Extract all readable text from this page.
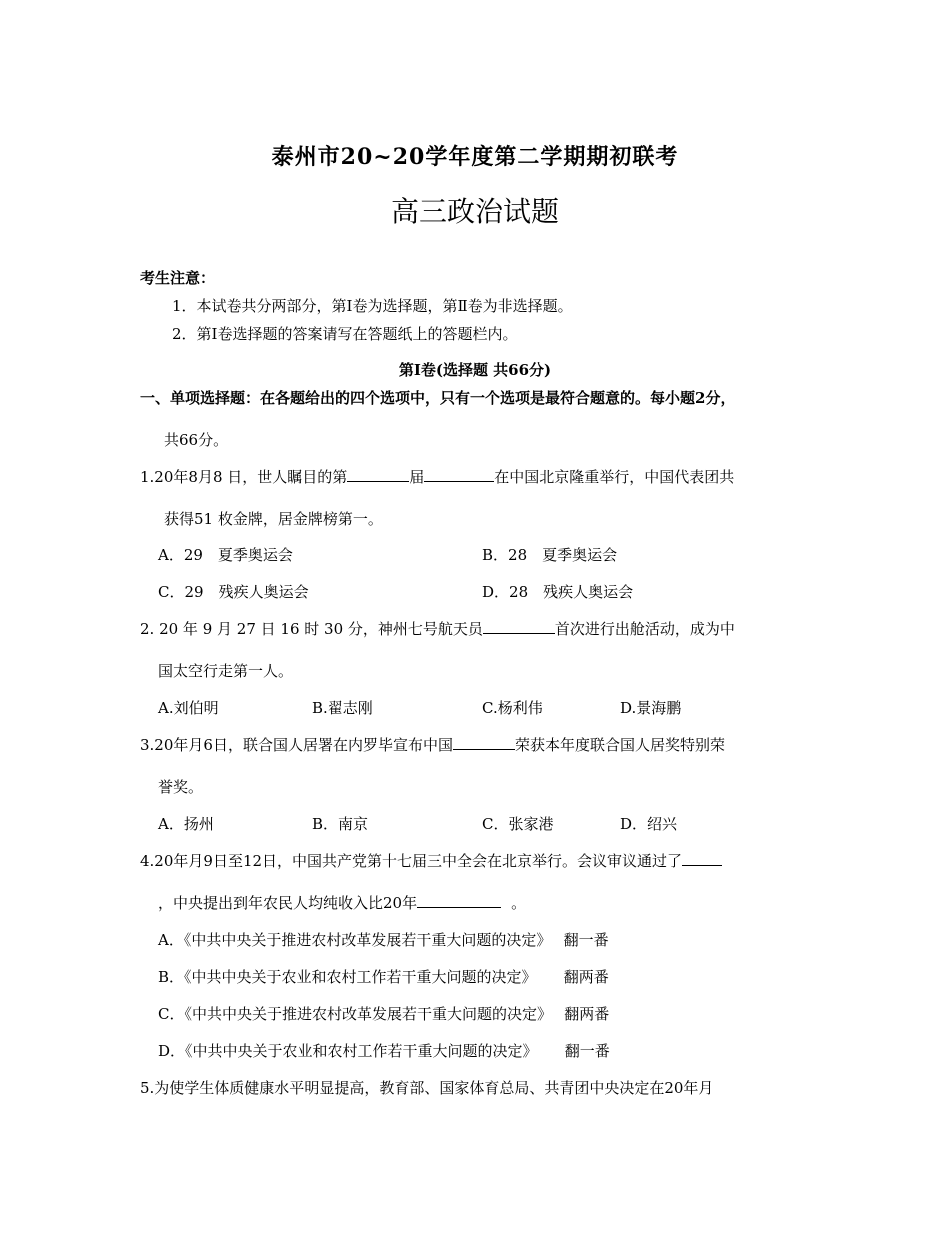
泰州市20~20学年度第二学期期初联考
高三政治试题
考生注意：
1．本试卷共分两部分，第Ⅰ卷为选择题，第Ⅱ卷为非选择题。
2．第Ⅰ卷选择题的答案请写在答题纸上的答题栏内。
第Ⅰ卷(选择题 共66分)
一、单项选择题：在各题给出的四个选项中，只有一个选项是最符合题意的。每小题2分，
共66分。
1.20年8月8 日，世人瞩目的第	届	在中国北京隆重举行，中国代表团共
获得51 枚金牌，居金牌榜第一。
A．29　夏季奥运会	B．28　夏季奥运会
C．29　残疾人奥运会	D．28　残疾人奥运会
2. 20 年 9 月 27 日 16 时 30 分，神州七号航天员	首次进行出舱活动，成为中
国太空行走第一人。
A.刘伯明	B.翟志刚	C.杨利伟	D.景海鹏
3.20年月6日，联合国人居署在内罗毕宣布中国	荣获本年度联合国人居奖特别荣
誉奖。
A．扬州	B．南京	C．张家港	D．绍兴
4.20年月9日至12日，中国共产党第十七届三中全会在北京举行。会议审议通过了
，中央提出到年农民人均纯收入比20年	。
A．《中共中央关于推进农村改革发展若干重大问题的决定》　 翻一番
B．《中共中央关于农业和农村工作若干重大问题的决定》　　 翻两番
C．《中共中央关于推进农村改革发展若干重大问题的决定》　 翻两番
D．《中共中央关于农业和农村工作若干重大问题的决定》　　 翻一番
5.为使学生体质健康水平明显提高，教育部、国家体育总局、共青团中央决定在20年月
